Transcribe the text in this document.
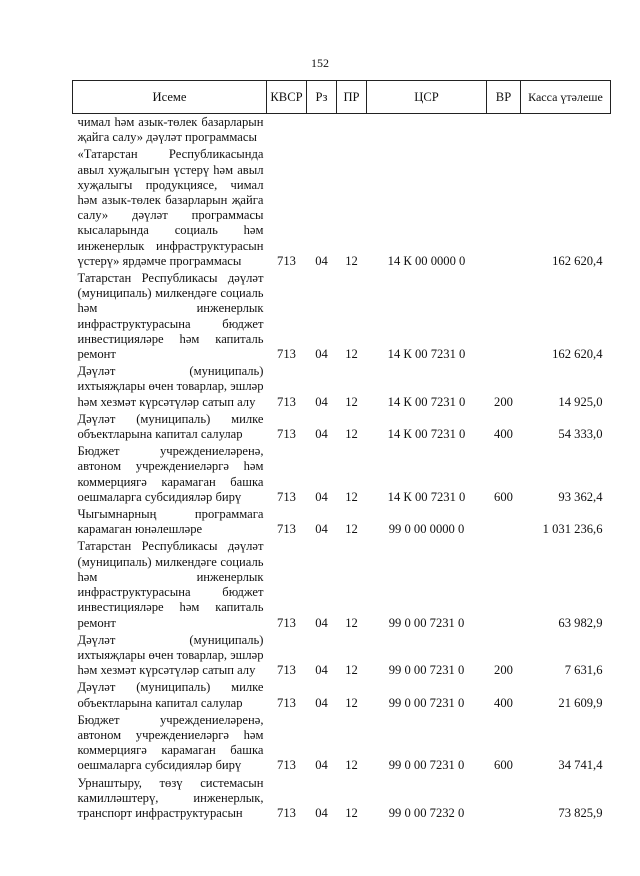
152
Исеме	КВСР	Рз	ПР	ЦСР	ВР	Касса үтәлеше
чимал һәм азык-төлек базарларын җайга салу» дәүләт программасы						
«Татарстан Республикасында авыл хуҗалыгын үстерү һәм авыл хуҗалыгы продукциясе, чимал һәм азык-төлек базарларын җайга салу» дәүләт программасы кысаларында социаль һәм инженерлык инфраструктурасын үстерү» ярдәмче программасы	713	04	12	14 К 00 0000 0		162 620,4
Татарстан Республикасы дәүләт (муниципаль) милкендәге социаль һәм инженерлык инфраструктурасына бюджет инвестицияләре һәм капиталь ремонт	713	04	12	14 К 00 7231 0		162 620,4
Дәүләт (муниципаль) ихтыяҗлары өчен товарлар, эшләр һәм хезмәт күрсәтүләр сатып алу	713	04	12	14 К 00 7231 0	200	14 925,0
Дәүләт (муниципаль) милке объектларына капитал салулар	713	04	12	14 К 00 7231 0	400	54 333,0
Бюджет учреждениеләренә, автоном учреждениеләргә һәм коммерциягә карамаган башка оешмаларга субсидияләр бирү	713	04	12	14 К 00 7231 0	600	93 362,4
Чыгымнарның программага карамаган юнәлешләре	713	04	12	99 0 00 0000 0		1 031 236,6
Татарстан Республикасы дәүләт (муниципаль) милкендәге социаль һәм инженерлык инфраструктурасына бюджет инвестицияләре һәм капиталь ремонт	713	04	12	99 0 00 7231 0		63 982,9
Дәүләт (муниципаль) ихтыяҗлары өчен товарлар, эшләр һәм хезмәт күрсәтүләр сатып алу	713	04	12	99 0 00 7231 0	200	7 631,6
Дәүләт (муниципаль) милке объектларына капитал салулар	713	04	12	99 0 00 7231 0	400	21 609,9
Бюджет учреждениеләренә, автоном учреждениеләргә һәм коммерциягә карамаган башка оешмаларга субсидияләр бирү	713	04	12	99 0 00 7231 0	600	34 741,4
Урнаштыру, төзү системасын камилләштерү, инженерлык, транспорт инфраструктурасын	713	04	12	99 0 00 7232 0		73 825,9
